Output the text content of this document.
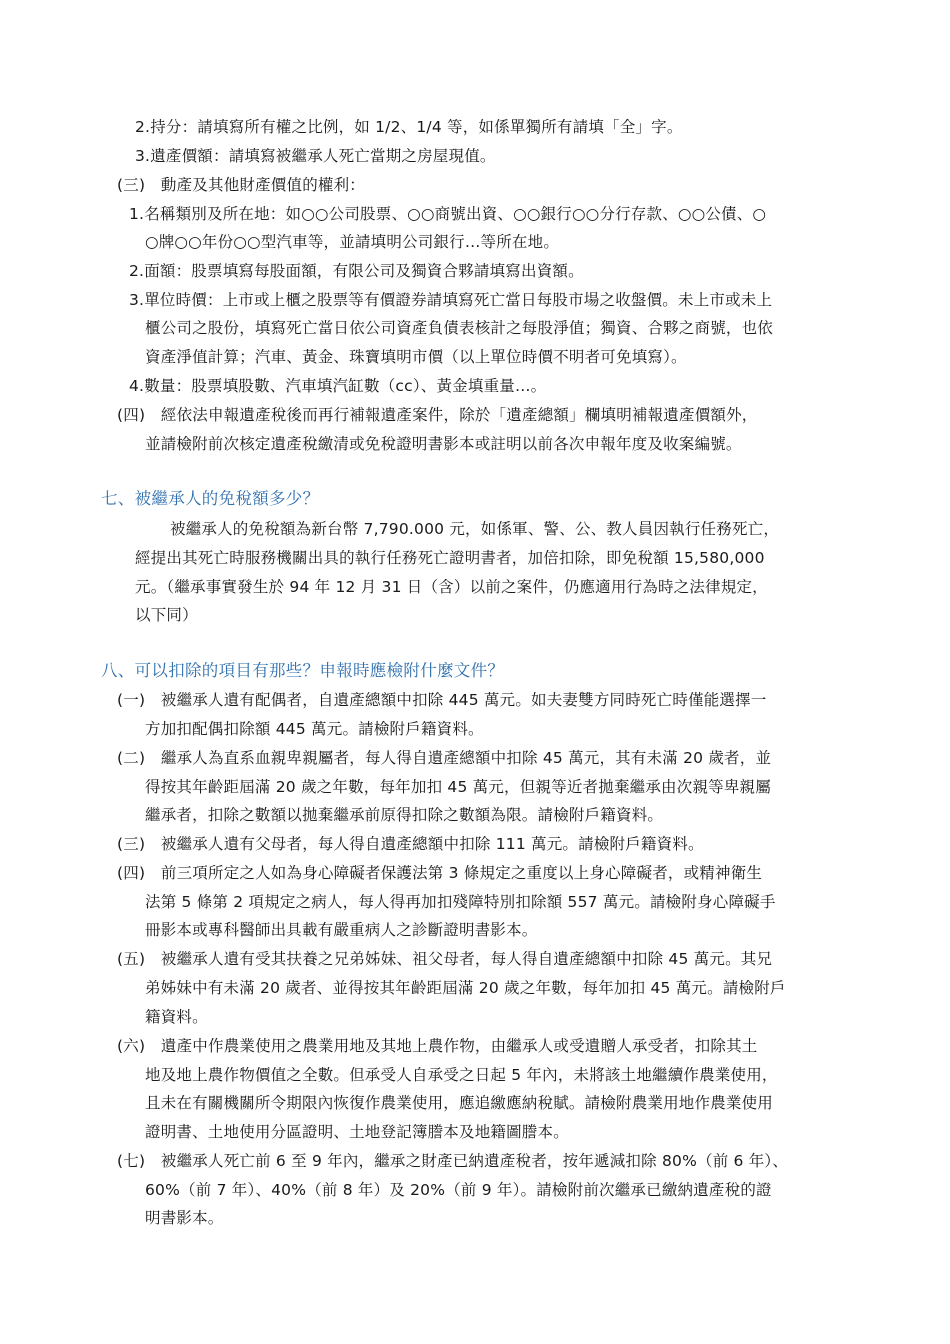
2.持分：請填寫所有權之比例，如 1/2、1/4 等，如係單獨所有請填「全」字。
3.遺產價額：請填寫被繼承人死亡當期之房屋現值。
(三)　動產及其他財產價值的權利：
1.名稱類別及所在地：如○○公司股票、○○商號出資、○○銀行○○分行存款、○○公債、○
○牌○○年份○○型汽車等，並請填明公司銀行…等所在地。
2.面額：股票填寫每股面額，有限公司及獨資合夥請填寫出資額。
3.單位時價：上市或上櫃之股票等有價證券請填寫死亡當日每股市場之收盤價。未上市或未上
櫃公司之股份，填寫死亡當日依公司資產負債表核計之每股淨值；獨資、合夥之商號，也依
資產淨值計算；汽車、黃金、珠寶填明市價（以上單位時價不明者可免填寫）。
4.數量：股票填股數、汽車填汽缸數（cc）、黃金填重量…。
(四)　經依法申報遺產稅後而再行補報遺產案件，除於「遺產總額」欄填明補報遺產價額外，
並請檢附前次核定遺產稅繳清或免稅證明書影本或註明以前各次申報年度及收案編號。
七、被繼承人的免稅額多少？
被繼承人的免稅額為新台幣 7,790.000 元，如係軍、警、公、教人員因執行任務死亡，
經提出其死亡時服務機關出具的執行任務死亡證明書者，加倍扣除，即免稅額 15,580,000
元。（繼承事實發生於 94 年 12 月 31 日（含）以前之案件，仍應適用行為時之法律規定，
以下同）
八、可以扣除的項目有那些？申報時應檢附什麼文件？
(一)　被繼承人遺有配偶者，自遺產總額中扣除 445 萬元。如夫妻雙方同時死亡時僅能選擇一
方加扣配偶扣除額 445 萬元。請檢附戶籍資料。
(二)　繼承人為直系血親卑親屬者，每人得自遺產總額中扣除 45 萬元，其有未滿 20 歲者，並
得按其年齡距屆滿 20 歲之年數，每年加扣 45 萬元，但親等近者拋棄繼承由次親等卑親屬
繼承者，扣除之數額以拋棄繼承前原得扣除之數額為限。請檢附戶籍資料。
(三)　被繼承人遺有父母者，每人得自遺產總額中扣除 111 萬元。請檢附戶籍資料。
(四)　前三項所定之人如為身心障礙者保護法第 3 條規定之重度以上身心障礙者，或精神衛生
法第 5 條第 2 項規定之病人，每人得再加扣殘障特別扣除額 557 萬元。請檢附身心障礙手
冊影本或專科醫師出具載有嚴重病人之診斷證明書影本。
(五)　被繼承人遺有受其扶養之兄弟姊妹、祖父母者，每人得自遺產總額中扣除 45 萬元。其兄
弟姊妹中有未滿 20 歲者、並得按其年齡距屆滿 20 歲之年數，每年加扣 45 萬元。請檢附戶
籍資料。
(六)　遺產中作農業使用之農業用地及其地上農作物，由繼承人或受遺贈人承受者，扣除其土
地及地上農作物價值之全數。但承受人自承受之日起 5 年內，未將該土地繼續作農業使用，
且未在有關機關所令期限內恢復作農業使用，應追繳應納稅賦。請檢附農業用地作農業使用
證明書、土地使用分區證明、土地登記簿謄本及地籍圖謄本。
(七)　被繼承人死亡前 6 至 9 年內，繼承之財產已納遺產稅者，按年遞減扣除 80%（前 6 年）、
60%（前 7 年）、40%（前 8 年）及 20%（前 9 年）。請檢附前次繼承已繳納遺產稅的證
明書影本。
